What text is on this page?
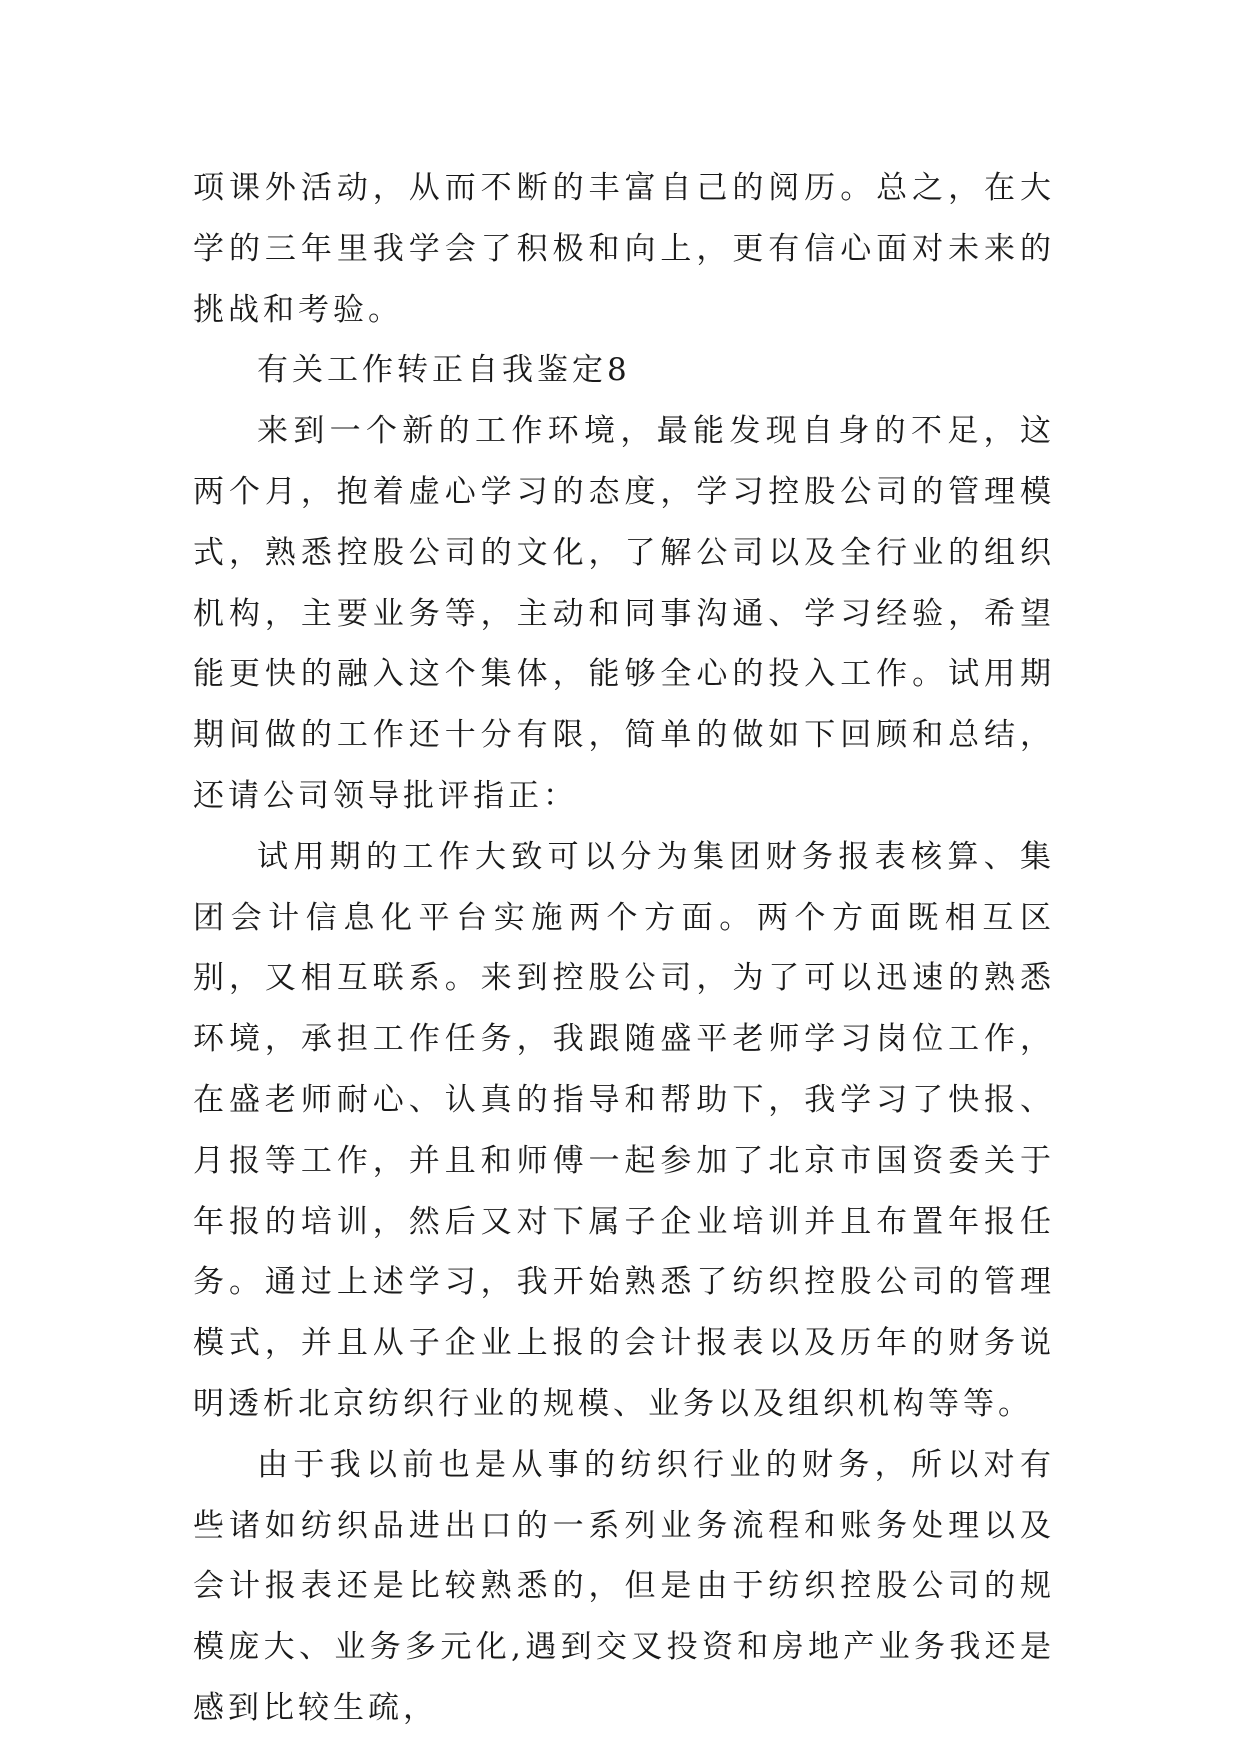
项课外活动，从而不断的丰富自己的阅历。总之，在大学的三年里我学会了积极和向上，更有信心面对未来的挑战和考验。

有关工作转正自我鉴定8

来到一个新的工作环境，最能发现自身的不足，这两个月，抱着虚心学习的态度，学习控股公司的管理模式，熟悉控股公司的文化，了解公司以及全行业的组织机构，主要业务等，主动和同事沟通、学习经验，希望能更快的融入这个集体，能够全心的投入工作。试用期期间做的工作还十分有限，简单的做如下回顾和总结，还请公司领导批评指正：

试用期的工作大致可以分为集团财务报表核算、集团会计信息化平台实施两个方面。两个方面既相互区别，又相互联系。来到控股公司，为了可以迅速的熟悉环境，承担工作任务，我跟随盛平老师学习岗位工作，在盛老师耐心、认真的指导和帮助下，我学习了快报、月报等工作，并且和师傅一起参加了北京市国资委关于年报的培训，然后又对下属子企业培训并且布置年报任务。通过上述学习，我开始熟悉了纺织控股公司的管理模式，并且从子企业上报的会计报表以及历年的财务说明透析北京纺织行业的规模、业务以及组织机构等等。

由于我以前也是从事的纺织行业的财务，所以对有些诸如纺织品进出口的一系列业务流程和账务处理以及会计报表还是比较熟悉的，但是由于纺织控股公司的规模庞大、业务多元化,遇到交叉投资和房地产业务我还是感到比较生疏，
